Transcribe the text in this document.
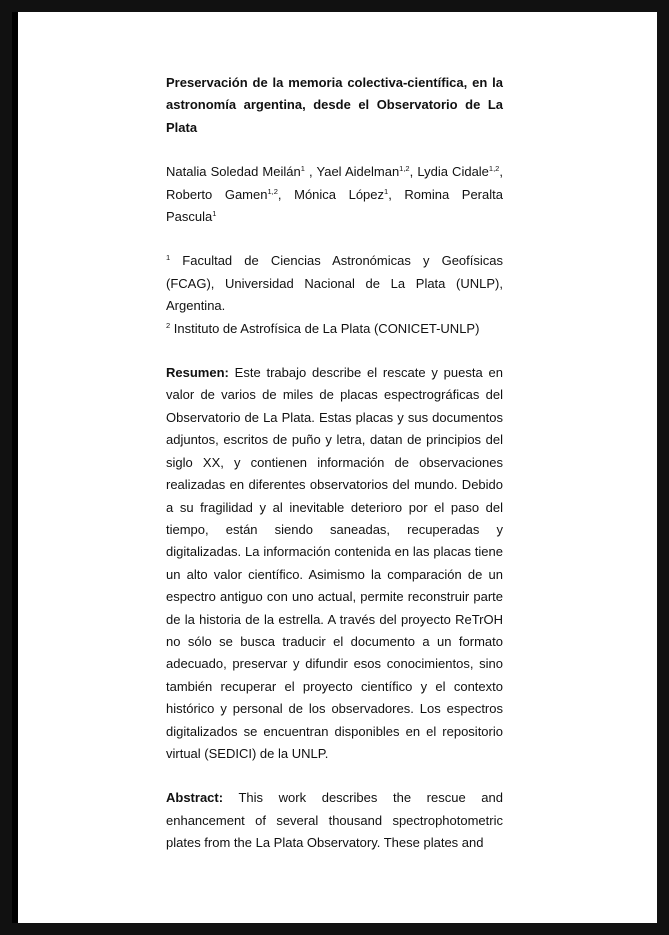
Preservación de la memoria colectiva-científica, en la astronomía argentina, desde el Observatorio de La Plata
Natalia Soledad Meilán$^1$ , Yael Aidelman$^{1,2}$, Lydia Cidale$^{1,2}$, Roberto Gamen$^{1,2}$, Mónica López$^1$, Romina Peralta Pascula$^1$

$^1$ Facultad de Ciencias Astronómicas y Geofísicas (FCAG), Universidad Nacional de La Plata (UNLP), Argentina.

$^2$ Instituto de Astrofísica de La Plata (CONICET-UNLP)

Resumen: Este trabajo describe el rescate y puesta en valor de varios de miles de placas espectrográficas del Observatorio de La Plata. Estas placas y sus documentos adjuntos, escritos de puño y letra, datan de principios del siglo XX, y contienen información de observaciones realizadas en diferentes observatorios del mundo. Debido a su fragilidad y al inevitable deterioro por el paso del tiempo, están siendo saneadas, recuperadas y digitalizadas. La información contenida en las placas tiene un alto valor científico. Asimismo la comparación de un espectro antiguo con uno actual, permite reconstruir parte de la historia de la estrella. A través del proyecto ReTrOH no sólo se busca traducir el documento a un formato adecuado, preservar y difundir esos conocimientos, sino también recuperar el proyecto científico y el contexto histórico y personal de los observadores. Los espectros digitalizados se encuentran disponibles en el repositorio virtual (SEDICI) de la UNLP.

Abstract: This work describes the rescue and enhancement of several thousand spectrophotometric plates from the La Plata Observatory. These plates and
